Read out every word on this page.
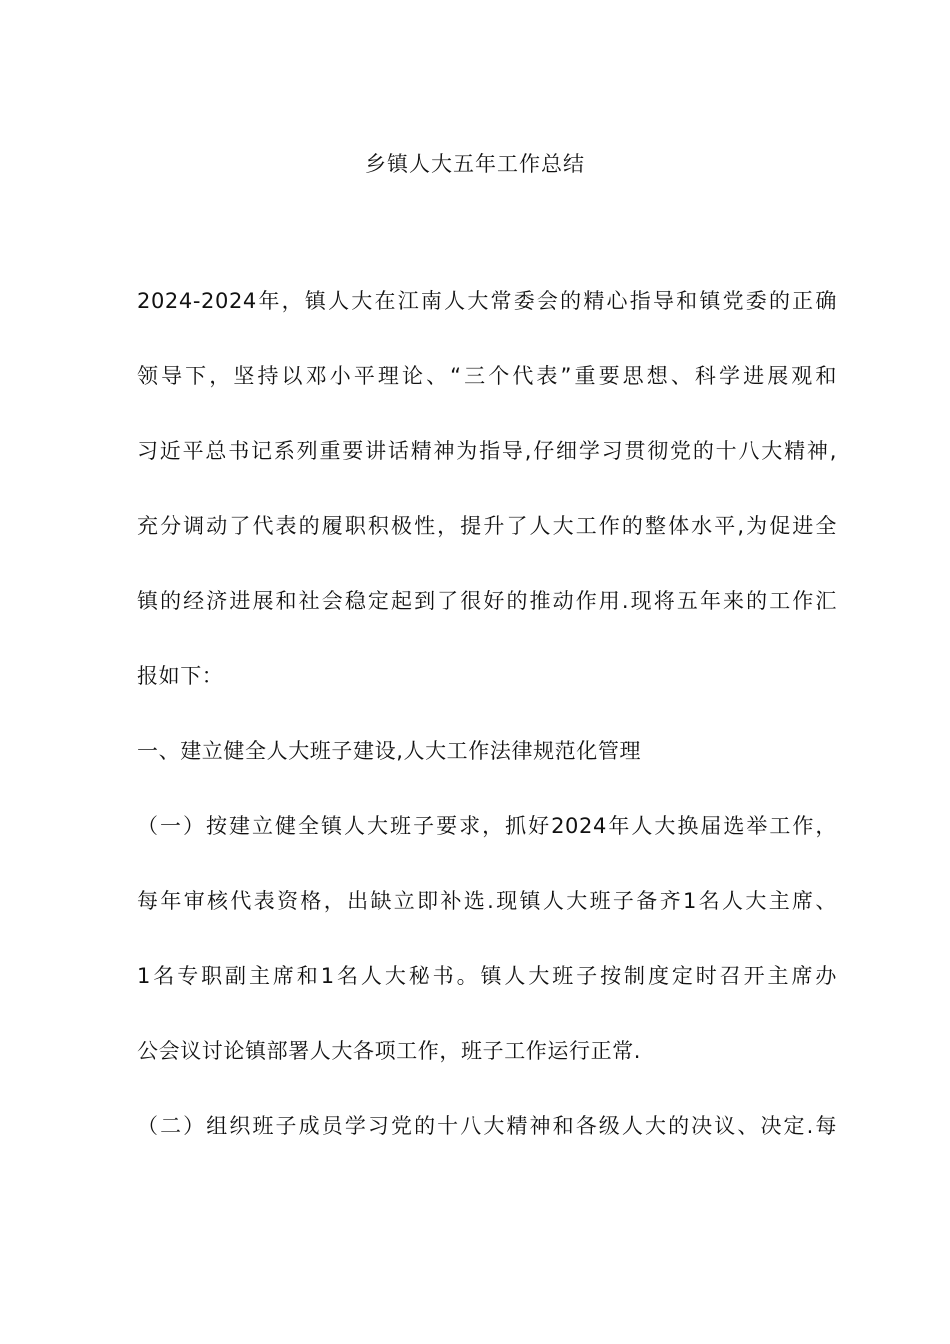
乡镇人大五年工作总结
2024-2024年，镇人大在江南人大常委会的精心指导和镇党委的正确
领导下，坚持以邓小平理论、“三个代表”重要思想、科学进展观和
习近平总书记系列重要讲话精神为指导,仔细学习贯彻党的十八大精神,
充分调动了代表的履职积极性，提升了人大工作的整体水平,为促进全
镇的经济进展和社会稳定起到了很好的推动作用.现将五年来的工作汇
报如下：
一、建立健全人大班子建设,人大工作法律规范化管理
（一）按建立健全镇人大班子要求，抓好2024年人大换届选举工作，
每年审核代表资格，出缺立即补选.现镇人大班子备齐1名人大主席、
1名专职副主席和1名人大秘书。镇人大班子按制度定时召开主席办
公会议讨论镇部署人大各项工作，班子工作运行正常.
（二）组织班子成员学习党的十八大精神和各级人大的决议、决定.每
